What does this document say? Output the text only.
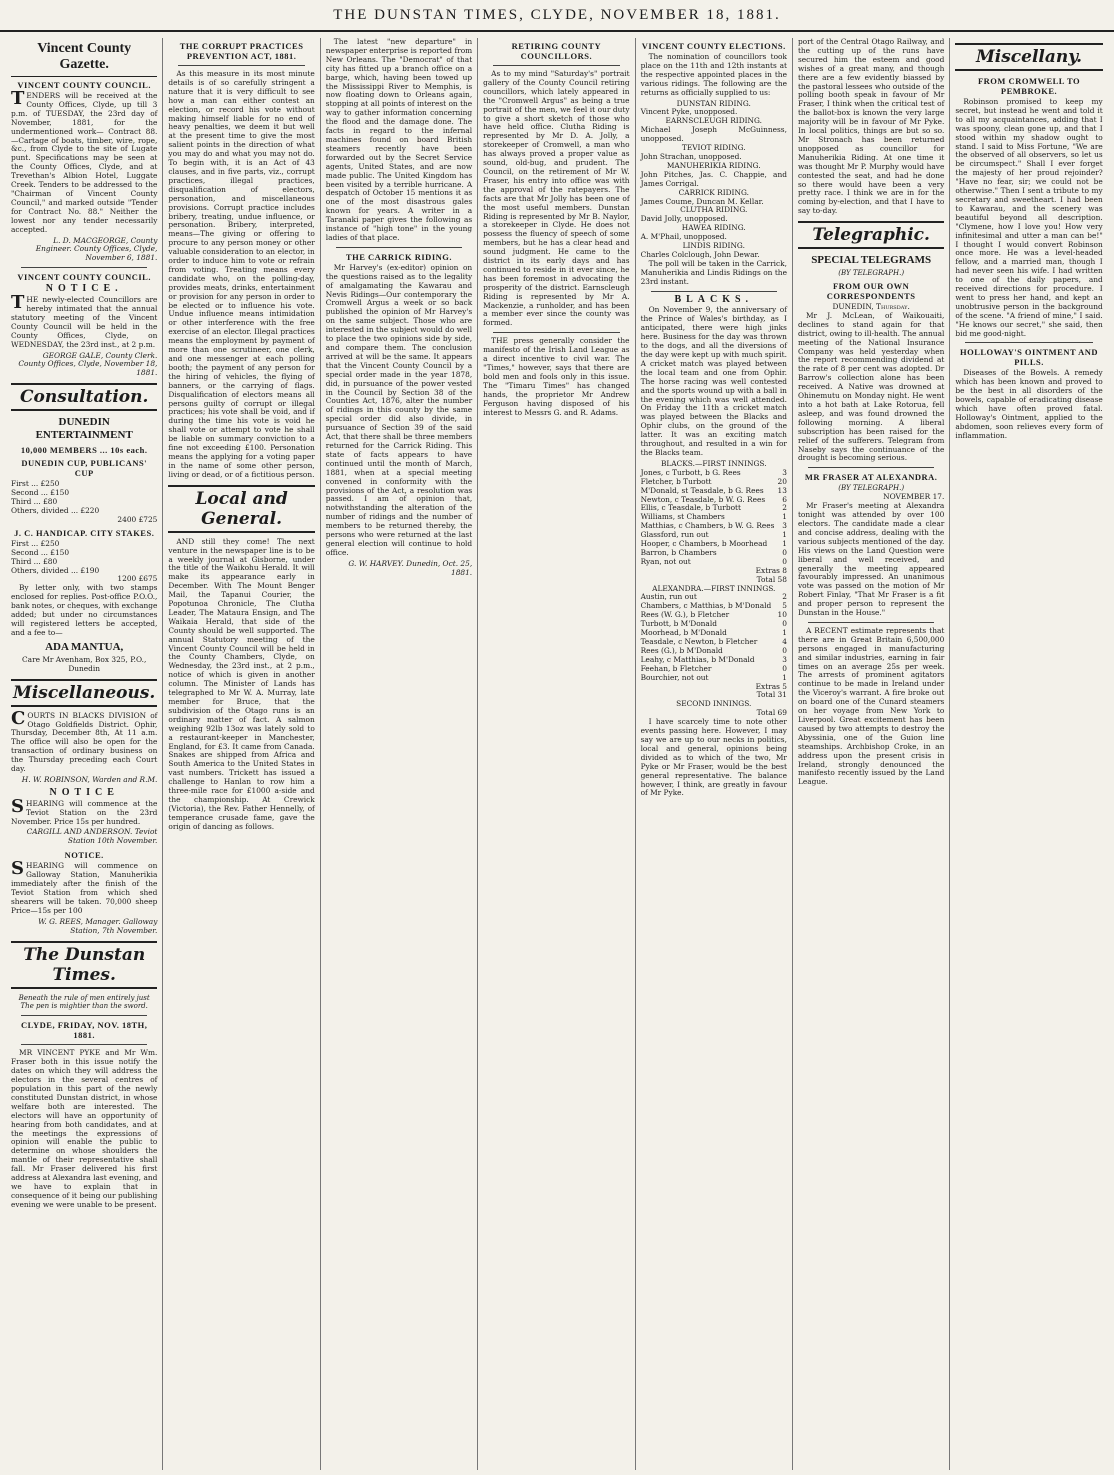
THE DUNSTAN TIMES, CLYDE, NOVEMBER 18, 1881.
Vincent County Gazette.
VINCENT COUNTY COUNCIL.

TENDERS will be received at the County Offices, Clyde, up till 3 p.m. of TUESDAY, the 23rd day of November, 1881, for the undermentioned work— Contract 88.—Cartage of boats, timber, wire, rope, &c., from Clyde to the site of Lugate punt. Specifications may be seen at the County Offices, Clyde, and at Trevethan's Albion Hotel, Luggate Creek. Tenders to be addressed to the "Chairman of Vincent County Council," and marked outside "Tender for Contract No. 88." Neither the lowest nor any tender necessarily accepted.

L. D. MACGEORGE, County Engineer. County Offices, Clyde, November 6, 1881.

VINCENT COUNTY COUNCIL.
NOTICE.

THE newly-elected Councillors are hereby intimated that the annual statutory meeting of the Vincent County Council will be held in the County Offices, Clyde, on WEDNESDAY, the 23rd inst., at 2 p.m.

GEORGE GALE, County Clerk. County Offices, Clyde, November 18, 1881.

Consultation.
DUNEDIN ENTERTAINMENT
10,000 MEMBERS ... 10s each.
DUNEDIN CUP, PUBLICANS' CUP
First ... £250
Second ... £150
Third ... £80
Others, divided ... £220
2400 £725
J. C. HANDICAP. CITY STAKES.
First ... £250
Second ... £150
Third ... £80
Others, divided ... £190
1200 £675

By letter only, with two stamps enclosed for replies. Post-office P.O.O., bank notes, or cheques, with exchange added; but under no circumstances will registered letters be accepted, and a fee to—

ADA MANTUA,
Care Mr Avenham, Box 325, P.O., Dunedin
Miscellaneous.

COURTS IN BLACKS DIVISION of Otago Goldfields District. Ophir, Thursday, December 8th, At 11 a.m. The office will also be open for the transaction of ordinary business on the Thursday preceding each Court day.

H. W. ROBINSON, Warden and R.M.

NOTICE

SHEARING will commence at the Teviot Station on the 23rd November. Price 15s per hundred.

CARGILL AND ANDERSON. Teviot Station 10th November.

NOTICE.

SHEARING will commence on Galloway Station, Manuherikia immediately after the finish of the Teviot Station from which shed shearers will be taken. 70,000 sheep Price—15s per 100

W. G. REES, Manager. Galloway Station, 7th November.

The Dunstan Times.
Beneath the rule of men entirely just The pen is mightier than the sword.
CLYDE, FRIDAY, NOV. 18TH, 1881.

MR VINCENT PYKE and Mr Wm. Fraser both in this issue notify the dates on which they will address the electors in the several centres of population in this part of the newly constituted Dunstan district, in whose welfare both are interested. The electors will have an opportunity of hearing from both candidates, and at the meetings the expressions of opinion will enable the public to determine on whose shoulders the mantle of their representative shall fall. Mr Fraser delivered his first address at Alexandra last evening, and we have to explain that in consequence of it being our publishing evening we were unable to be present.

THE CORRUPT PRACTICES PREVENTION ACT, 1881.

As this measure in its most minute details is of so carefully stringent a nature that it is very difficult to see how a man can either contest an election, or record his vote without making himself liable for no end of heavy penalties, we deem it but well at the present time to give the most salient points in the direction of what you may do and what you may not do. To begin with, it is an Act of 43 clauses, and in five parts, viz., corrupt practices, illegal practices, disqualification of electors, personation, and miscellaneous provisions. Corrupt practice includes bribery, treating, undue influence, or personation. Bribery, interpreted, means—The giving or offering to procure to any person money or other valuable consideration to an elector, in order to induce him to vote or refrain from voting. Treating means every candidate who, on the polling-day, provides meats, drinks, entertainment or provision for any person in order to be elected or to influence his vote. Undue influence means intimidation or other interference with the free exercise of an elector. Illegal practices means the employment by payment of more than one scrutineer, one clerk, and one messenger at each polling booth; the payment of any person for the hiring of vehicles, the flying of banners, or the carrying of flags. Disqualification of electors means all persons guilty of corrupt or illegal practices; his vote shall be void, and if during the time his vote is void he shall vote or attempt to vote he shall be liable on summary conviction to a fine not exceeding £100. Personation means the applying for a voting paper in the name of some other person, living or dead, or of a fictitious person.

Local and General.

AND still they come! The next venture in the newspaper line is to be a weekly journal at Gisborne, under the title of the Waikohu Herald. It will make its appearance early in December. With The Mount Benger Mail, the Tapanui Courier, the Popotunoa Chronicle, The Clutha Leader, The Mataura Ensign, and The Waikaia Herald, that side of the County should be well supported. The annual Statutory meeting of the Vincent County Council will be held in the County Chambers, Clyde, on Wednesday, the 23rd inst., at 2 p.m., notice of which is given in another column. The Minister of Lands has telegraphed to Mr W. A. Murray, late member for Bruce, that the subdivision of the Otago runs is an ordinary matter of fact. A salmon weighing 92lb 13oz was lately sold to a restaurant-keeper in Manchester, England, for £3. It came from Canada. Snakes are shipped from Africa and South America to the United States in vast numbers. Trickett has issued a challenge to Hanlan to row him a three-mile race for £1000 a-side and the championship. At Crewick (Victoria), the Rev. Father Hennelly, of temperance crusade fame, gave the origin of dancing as follows.

The latest "new departure" in newspaper enterprise is reported from New Orleans. The "Democrat" of that city has fitted up a branch office on a barge, which, having been towed up the Mississippi River to Memphis, is now floating down to Orleans again, stopping at all points of interest on the way to gather information concerning the flood and the damage done. The facts in regard to the infernal machines found on board British steamers recently have been forwarded out by the Secret Service agents, United States, and are now made public. The United Kingdom has been visited by a terrible hurricane. A despatch of October 15 mentions it as one of the most disastrous gales known for years. A writer in a Taranaki paper gives the following as instance of "high tone" in the young ladies of that place.

THE CARRICK RIDING.

Mr Harvey's (ex-editor) opinion on the questions raised as to the legality of amalgamating the Kawarau and Nevis Ridings—Our contemporary the Cromwell Argus a week or so back published the opinion of Mr Harvey's on the same subject. Those who are interested in the subject would do well to place the two opinions side by side, and compare them. The conclusion arrived at will be the same. It appears that the Vincent County Council by a special order made in the year 1878, did, in pursuance of the power vested in the Council by Section 38 of the Counties Act, 1876, alter the number of ridings in this county by the same special order did also divide, in pursuance of Section 39 of the said Act, that there shall be three members returned for the Carrick Riding. This state of facts appears to have continued until the month of March, 1881, when at a special meeting convened in conformity with the provisions of the Act, a resolution was passed. I am of opinion that, notwithstanding the alteration of the number of ridings and the number of members to be returned thereby, the persons who were returned at the last general election will continue to hold office.

G. W. HARVEY. Dunedin, Oct. 25, 1881.

RETIRING COUNTY COUNCILLORS.

As to my mind "Saturday's" portrait gallery of the County Council retiring councillors, which lately appeared in the "Cromwell Argus" as being a true portrait of the men, we feel it our duty to give a short sketch of those who have held office. Clutha Riding is represented by Mr D. A. Jolly, a storekeeper of Cromwell, a man who has always proved a proper value as sound, old-bug, and prudent. The Council, on the retirement of Mr W. Fraser, his entry into office was with the approval of the ratepayers. The facts are that Mr Jolly has been one of the most useful members. Dunstan Riding is represented by Mr B. Naylor, a storekeeper in Clyde. He does not possess the fluency of speech of some members, but he has a clear head and sound judgment. He came to the district in its early days and has continued to reside in it ever since, he has been foremost in advocating the prosperity of the district. Earnscleugh Riding is represented by Mr A. Mackenzie, a runholder, and has been a member ever since the county was formed.

THE press generally consider the manifesto of the Irish Land League as a direct incentive to civil war. The "Times," however, says that there are bold men and fools only in this issue. The "Timaru Times" has changed hands, the proprietor Mr Andrew Ferguson having disposed of his interest to Messrs G. and R. Adams.

VINCENT COUNTY ELECTIONS.

The nomination of councillors took place on the 11th and 12th instants at the respective appointed places in the various ridings. The following are the returns as officially supplied to us:

DUNSTAN RIDING.
Vincent Pyke, unopposed.
EARNSCLEUGH RIDING.
Michael Joseph McGuinness, unopposed.
TEVIOT RIDING.
John Strachan, unopposed.
MANUHERIKIA RIDING.
John Pitches, Jas. C. Chappie, and James Corrigal.
CARRICK RIDING.
James Coume, Duncan M. Kellar.
CLUTHA RIDING.
David Jolly, unopposed.
HAWEA RIDING.
A. M'Phail, unopposed.
LINDIS RIDING.
Charles Colclough, John Dewar.

The poll will be taken in the Carrick, Manuherikia and Lindis Ridings on the 23rd instant.

BLACKS.

On November 9, the anniversary of the Prince of Wales's birthday, as I anticipated, there were high jinks here. Business for the day was thrown to the dogs, and all the diversions of the day were kept up with much spirit. A cricket match was played between the local team and one from Ophir. The horse racing was well contested and the sports wound up with a ball in the evening which was well attended. On Friday the 11th a cricket match was played between the Blacks and Ophir clubs, on the ground of the latter. It was an exciting match throughout, and resulted in a win for the Blacks team.

BLACKS.—FIRST INNINGS.
Jones, c Turbott, b G. Rees	3
Fletcher, b Turbott	20
M'Donald, st Teasdale, b G. Rees 13
Newton, c Teasdale, b W. G. Rees 6
Ellis, c Teasdale, b Turbott	2
Williams, st Chambers	1
Matthias, c Chambers, b W. G. Rees 3
Glassford, run out	1
Hooper, c Chambers, b Moorhead 1
Barron, b Chambers	0
Ryan, not out	0
Extras 8
Total 58
ALEXANDRA.—FIRST INNINGS.
Austin, run out	2
Chambers, c Matthias, b M'Donald 5
Rees (W. G.), b Fletcher	10
Turbott, b M'Donald	0
Moorhead, b M'Donald	1
Teasdale, c Newton, b Fletcher	4
Rees (G.), b M'Donald	0
Leahy, c Matthias, b M'Donald	3
Feehan, b Fletcher	0
Bourchier, not out	1
Extras 5
Total 31
SECOND INNINGS.
Total 69

I have scarcely time to note other events passing here. However, I may say we are up to our necks in politics, local and general, opinions being divided as to which of the two, Mr Pyke or Mr Fraser, would be the best general representative. The balance however, I think, are greatly in favour of Mr Pyke.

port of the Central Otago Railway, and the cutting up of the runs have secured him the esteem and good wishes of a great many, and though there are a few evidently biassed by the pastoral lessees who outside of the polling booth speak in favour of Mr Fraser, I think when the critical test of the ballot-box is known the very large majority will be in favour of Mr Pyke. In local politics, things are but so so. Mr Stronach has been returned unopposed as councillor for Manuherikia Riding. At one time it was thought Mr P. Murphy would have contested the seat, and had he done so there would have been a very pretty race. I think we are in for the coming by-election, and that I have to say to-day.

Telegraphic.
SPECIAL TELEGRAMS
(BY TELEGRAPH.)
FROM OUR OWN CORRESPONDENTS
DUNEDIN, Thursday.

Mr J. McLean, of Waikouaiti, declines to stand again for that district, owing to ill-health. The annual meeting of the National Insurance Company was held yesterday when the report recommending dividend at the rate of 8 per cent was adopted. Dr Barrow's collection alone has been received. A Native was drowned at Ohinemutu on Monday night. He went into a hot bath at Lake Rotorua, fell asleep, and was found drowned the following morning. A liberal subscription has been raised for the relief of the sufferers. Telegram from Naseby says the continuance of the drought is becoming serious.

MR FRASER AT ALEXANDRA.
(BY TELEGRAPH.)
NOVEMBER 17.

Mr Fraser's meeting at Alexandra tonight was attended by over 100 electors. The candidate made a clear and concise address, dealing with the various subjects mentioned of the day. His views on the Land Question were liberal and well received, and generally the meeting appeared favourably impressed. An unanimous vote was passed on the motion of Mr Robert Finlay, "That Mr Fraser is a fit and proper person to represent the Dunstan in the House."

A RECENT estimate represents that there are in Great Britain 6,500,000 persons engaged in manufacturing and similar industries, earning in fair times on an average 25s per week. The arrests of prominent agitators continue to be made in Ireland under the Viceroy's warrant. A fire broke out on board one of the Cunard steamers on her voyage from New York to Liverpool. Great excitement has been caused by two attempts to destroy the Abyssinia, one of the Guion line steamships. Archbishop Croke, in an address upon the present crisis in Ireland, strongly denounced the manifesto recently issued by the Land League.

Miscellany.
FROM CROMWELL TO PEMBROKE.

Robinson promised to keep my secret, but instead he went and told it to all my acquaintances, adding that I was spoony, clean gone up, and that I stood within my shadow ought to stand. I said to Miss Fortune, "We are the observed of all observers, so let us be circumspect." Shall I ever forget the majesty of her proud rejoinder? "Have no fear, sir; we could not be otherwise." Then I sent a tribute to my secretary and sweetheart. I had been to Kawarau, and the scenery was beautiful beyond all description. "Clymene, how I love you! How very infinitesimal and utter a man can be!" I thought I would convert Robinson once more. He was a level-headed fellow, and a married man, though I had never seen his wife. I had written to one of the daily papers, and received directions for procedure. I went to press her hand, and kept an unobtrusive person in the background of the scene. "A friend of mine," I said. "He knows our secret," she said, then bid me good-night.

HOLLOWAY'S OINTMENT AND PILLS.

Diseases of the Bowels. A remedy which has been known and proved to be the best in all disorders of the bowels, capable of eradicating disease which have often proved fatal. Holloway's Ointment, applied to the abdomen, soon relieves every form of inflammation.
